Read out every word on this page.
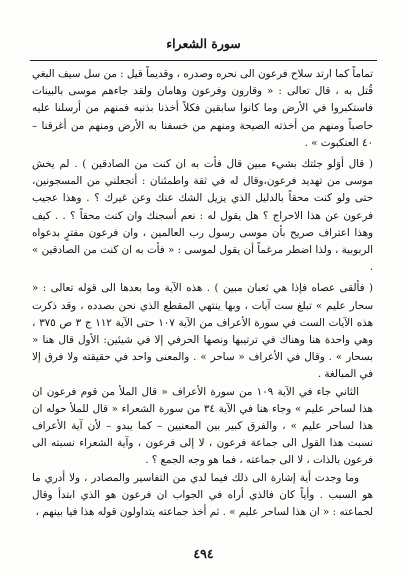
سورة الشعراء

تماماً كما ارتد سلاح فرعون الى نحره وصدره ، وقديماً قيل : من سل سيف البغي قُتل به ، قال تعالى : « وقارون وفرعون وهامان ولقد جاءهم موسى بالبينات فاستكبروا في الأرض وما كانوا سابقين فكلاً أخذنا بذنبه فمنهم من أرسلنا عليه حاصباً ومنهم من أخذته الصيحة ومنهم من خسفنا به الأرض ومنهم من أغرقنا – ٤٠ العنكبوت » .

( قال أوَلو جئتك بشيء مبين قال فأت به ان كنت من الصادقين ) . لم يخش موسى من تهديد فرعون،وقال له في ثقة واطمئنان : أتجعلني من المسجونين، حتى ولو كنت محقاً بالدليل الذي يزيل الشك عنك وعن غيرك ؟ . وهذا عجيب فرعون عن هذا الاحراج ؟ هل يقول له : نعم أسجنك وان كنت محقاً ؟ . . كيف وهذا اعتراف صريح بأن موسى رسول رب العالمين ، وان فرعون مفترٍ بدعواه الربوبية ، ولذا اضطر مرغماً أن يقول لموسى : « فأت به ان كنت من الصادقين » .

( فألقى عصاه فإذا هي ثعبان مبين ) . هذه الآية وما بعدها الى قوله تعالى : « سحار عليم » تبلغ ست آيات ، وبها ينتهي المقطع الذي نحن بصدده ، وقد ذكرت هذه الآيات الست في سورة الأعراف من الآية ١٠٧ حتى الآية ١١٢ ج ٣ ص ٣٧٥ ، وهي واحدة هنا وهناك في ترتيبها ونصها الحرفي إلا في شيئين: الأول قال هنا « بسحار » . وقال في الأعراف « ساحر » . والمعنى واحد في حقيقته ولا فرق إلا في المبالغة .

الثاني جاء في الآية ١٠٩ من سورة الأعراف « قال الملأ من قوم فرعون ان هذا لساحر عليم » وجاء هنا في الآية ٣٤ من سورة الشعراء « قال للملأ حوله ان هذا لساحر عليم » ، والفرق كبير بين المعنيين – كما يبدو – لأن آية الأعراف نسبت هذا القول الى جماعة فرعون ، لا إلى فرعون ، وآية الشعراء نسبته الى فرعون بالذات ، لا الى جماعته ، فما هو وجه الجمع ؟ .

وما وجدت أية إشارة الى ذلك فيما لدي من التفاسير والمصادر ، ولا أدري ما هو السبب . وأياً كان فالذي أراه في الجواب ان فرعون هو الذي ابتدأ وقال لجماعته : « ان هذا لساحر عليم » . ثم أخذ جماعته يتداولون قوله هذا فيا بينهم ،

٤٩٤
